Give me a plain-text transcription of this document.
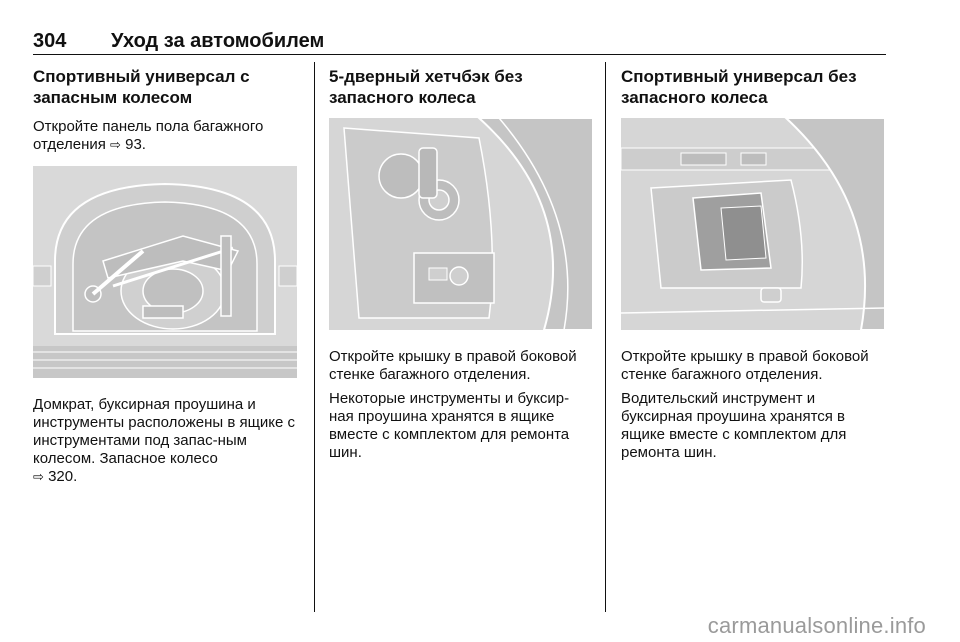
304 Уход за автомобилем
Спортивный универсал с запасным колесом

Откройте панель пола багажного отделения ⇨ 93.

Домкрат, буксирная проушина и инструменты расположены в ящике с инструментами под запас-ным колесом. Запасное колесо
⇨ 320.

5-дверный хетчбэк без запасного колеса

Откройте крышку в правой боковой стенке багажного отделения.

Некоторые инструменты и буксир-ная проушина хранятся в ящике вместе с комплектом для ремонта шин.

Спортивный универсал без запасного колеса

Откройте крышку в правой боковой стенке багажного отделения.

Водительский инструмент и буксирная проушина хранятся в ящике вместе с комплектом для ремонта шин.

carmanualsonline.info
